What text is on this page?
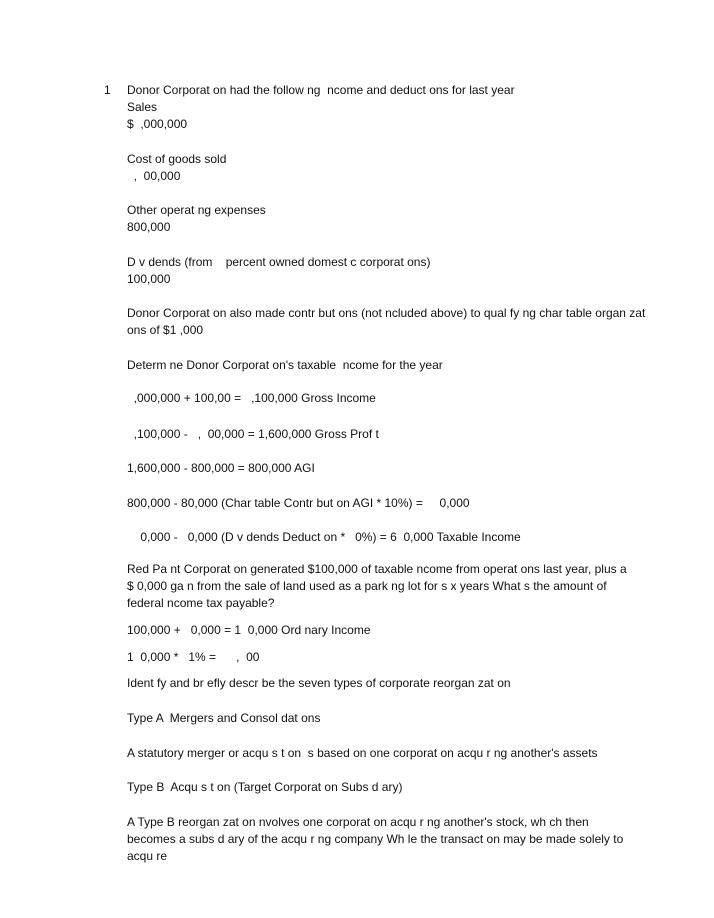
1 Donor Corporat on had the follow ng  ncome and deduct ons for last year
Sales
$  ,000,000
Cost of goods sold
,  00,000
Other operat ng expenses
800,000
D v dends (from    percent owned domest c corporat ons)
100,000
Donor Corporat on also made contr but ons (not ncluded above) to qual fy ng char table organ zat ons of $1 ,000
Determ ne Donor Corporat on's taxable  ncome for the year
,000,000 + 100,00 =   ,100,000 Gross Income
,100,000 -   ,  00,000 = 1,600,000 Gross Prof t
1,600,000 - 800,000 = 800,000 AGI
800,000 - 80,000 (Char table Contr but on AGI * 10%) =     0,000
0,000 -   0,000 (D v dends Deduct on *   0%) = 6  0,000 Taxable Income
Red Pa nt Corporat on generated $100,000 of taxable ncome from operat ons last year, plus a $ 0,000 ga n from the sale of land used as a park ng lot for s x years What s the amount of federal ncome tax payable?
100,000 +   0,000 = 1  0,000 Ord nary Income
1  0,000 *   1% =      ,  00
Ident fy and br efly descr be the seven types of corporate reorgan zat on
Type A  Mergers and Consol dat ons
A statutory merger or acqu s t on  s based on one corporat on acqu r ng another's assets
Type B  Acqu s t on (Target Corporat on Subs d ary)
A Type B reorgan zat on nvolves one corporat on acqu r ng another's stock, wh ch then becomes a subs d ary of the acqu r ng company Wh le the transact on may be made solely to acqu re
